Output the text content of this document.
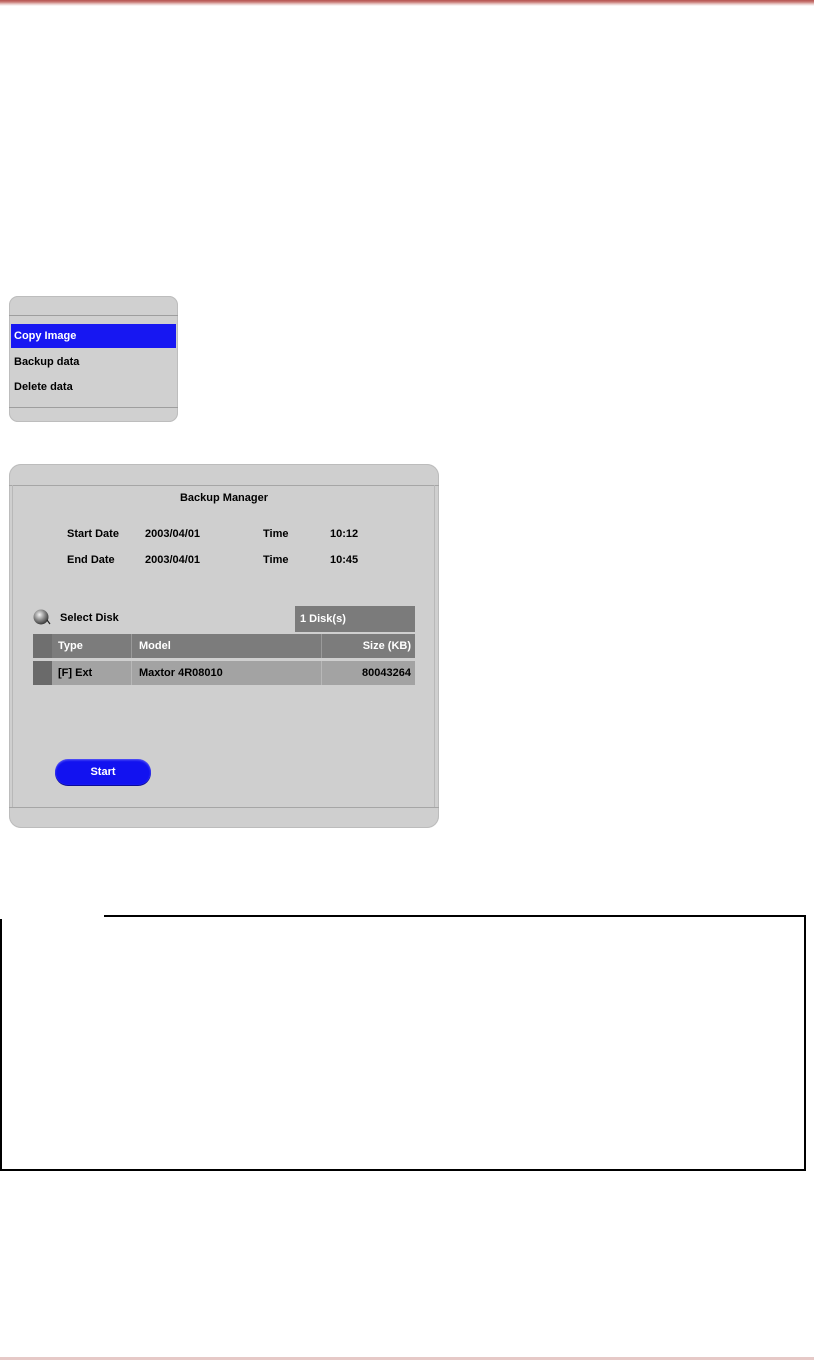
Copy Image
Backup data
Delete data
Backup Manager
Start Date 2003/04/01	Time	10:12
End Date	2003/04/01	Time	10:45
Select Disk	1 Disk(s)
Type	Model	Size (KB)
[F] Ext	Maxtor 4R08010	80043264
Start
